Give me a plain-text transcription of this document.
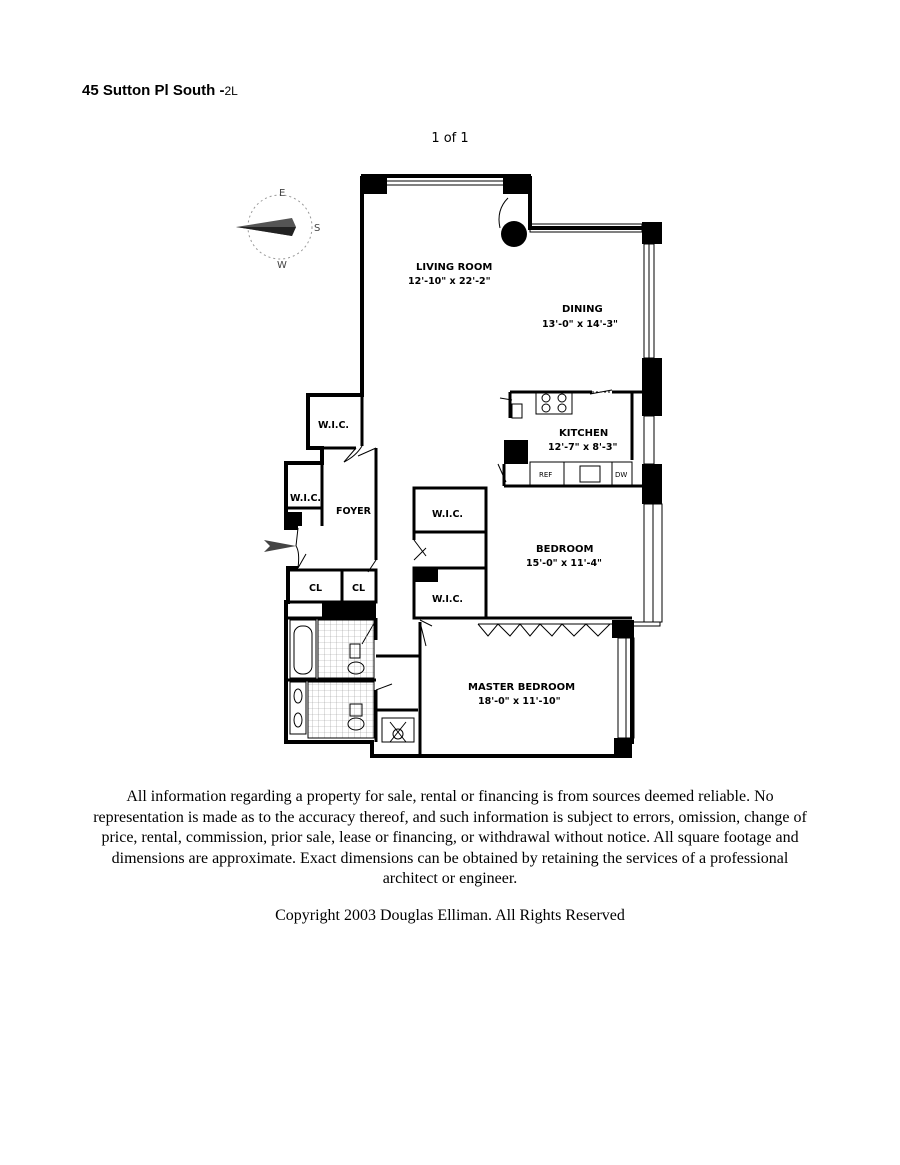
45 Sutton Pl South -2L
1 of 1
E
S
W	LIVING ROOM
12'-10" x 22'-2"
DINING
13'-0" x 14'-3"
KITCHEN
12'-7" x 8'-3"
BEDROOM
15'-0" x 11'-4"
MASTER BEDROOM
18'-0" x 11'-10"
FOYER
W.I.C.
W.I.C.
W.I.C.
W.I.C.
CL	CL
REF	DW
All information regarding a property for sale, rental or financing is from sources deemed reliable. No representation is made as to the accuracy thereof, and such information is subject to errors, omission, change of price, rental, commission, prior sale, lease or financing, or withdrawal without notice. All square footage and dimensions are approximate. Exact dimensions can be obtained by retaining the services of a professional architect or engineer.
Copyright 2003 Douglas Elliman. All Rights Reserved
